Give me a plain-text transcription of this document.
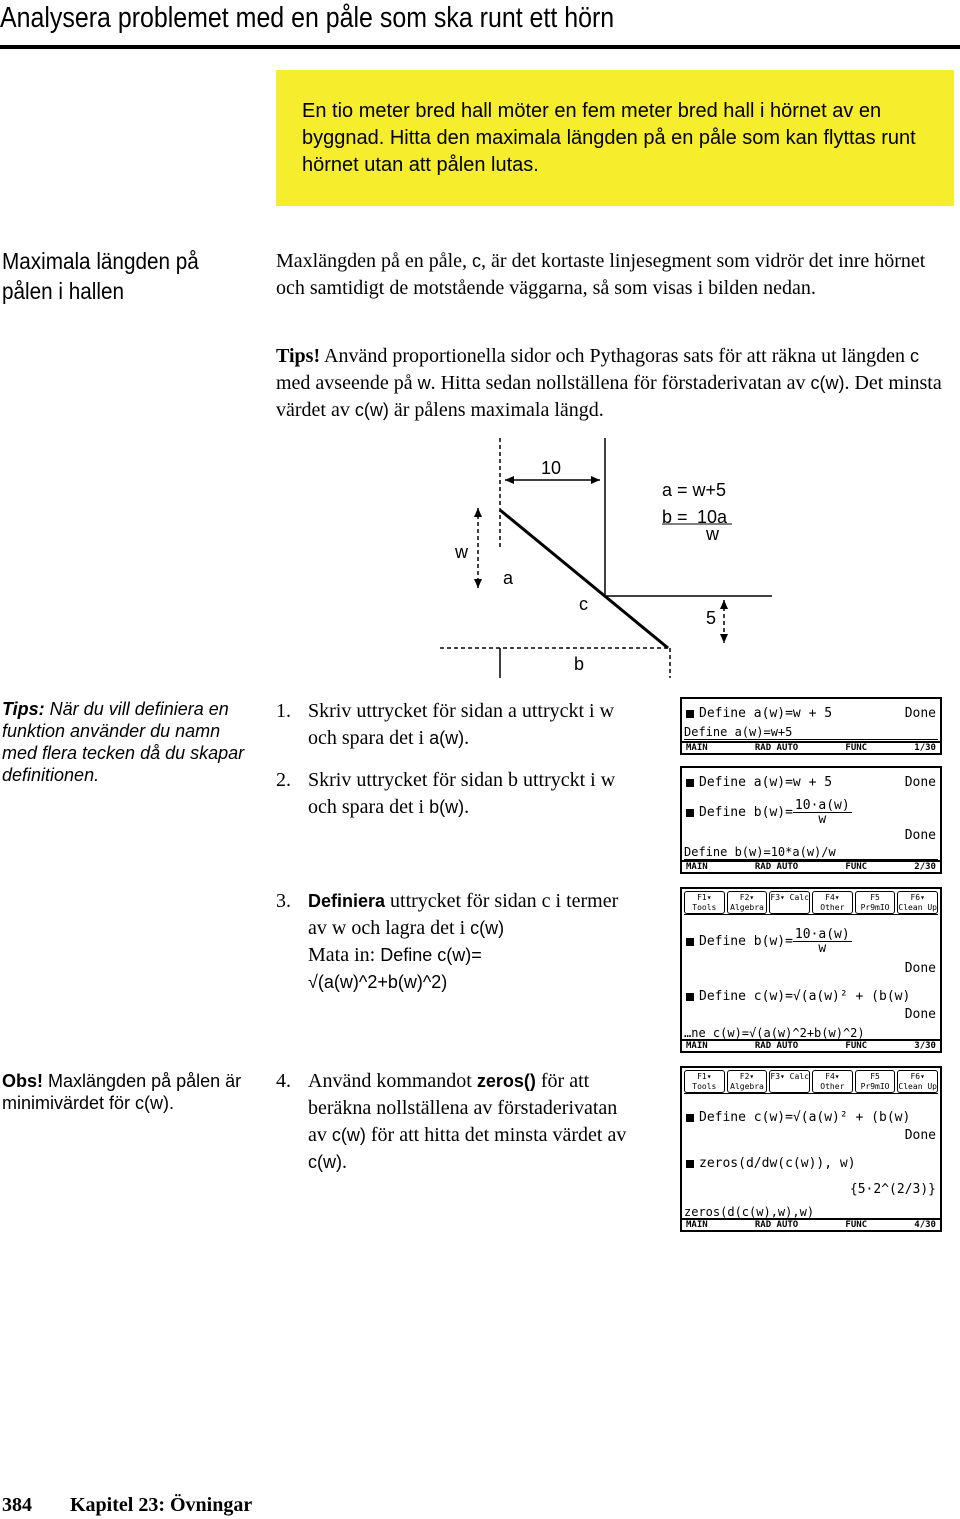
Analysera problemet med en påle som ska runt ett hörn
En tio meter bred hall möter en fem meter bred hall i hörnet av en byggnad. Hitta den maximala längden på en påle som kan flyttas runt hörnet utan att pålen lutas.
Maximala längden på pålen i hallen
Maxlängden på en påle, c, är det kortaste linjesegment som vidrör det inre hörnet och samtidigt de motstående väggarna, så som visas i bilden nedan.
Tips! Använd proportionella sidor och Pythagoras sats för att räkna ut längden c med avseende på w. Hitta sedan nollställena för förstaderivatan av c(w). Det minsta värdet av c(w) är pålens maximala längd.
10
w
a
c
5
b
a = w+5
b = 10a
w
Tips: När du vill definiera en funktion använder du namn med flera tecken då du skapar definitionen.
Obs! Maxlängden på pålen är minimivärdet för c(w).
1. Skriv uttrycket för sidan a uttryckt i w och spara det i a(w).
2. Skriv uttrycket för sidan b uttryckt i w och spara det i b(w).
3. Definiera uttrycket för sidan c i termer av w och lagra det i c(w)
Mata in: Define c(w)=
√(a(w)^2+b(w)^2)
4. Använd kommandot zeros() för att beräkna nollställena av förstaderivatan av c(w) för att hitta det minsta värdet av c(w).
Define a(w)=w + 5	Done
Define a(w)=w+5
MAIN	RAD AUTO	FUNC	1/30
Define a(w)=w + 5	Done
Define $b(w)= \frac{10\cdot a(w)}{w}$
Done
Define b(w)=10*a(w)/w
MAIN	RAD AUTO	FUNC	2/30
F1▾ Tools
F2▾ Algebra
F3▾ Calc	F4▾ Other
F5 Pr9mIO
F6▾ Clean Up
Define $b(w)= \frac{10\cdot a(w)}{w}$
Done
Define c(w)=√(a(w)² + (b(w)
Done
…ne c(w)=√(a(w)^2+b(w)^2)
MAIN	RAD AUTO	FUNC	3/30
F1▾ Tools
F2▾ Algebra
F3▾ Calc	F4▾ Other
F5 Pr9mIO
F6▾ Clean Up
Define c(w)=√(a(w)² + (b(w)
Done
zeros(d/dw(c(w)), w)
{5·2^(2/3)}
zeros(d(c(w),w),w)
MAIN	RAD AUTO	FUNC	4/30
384 Kapitel 23: Övningar
